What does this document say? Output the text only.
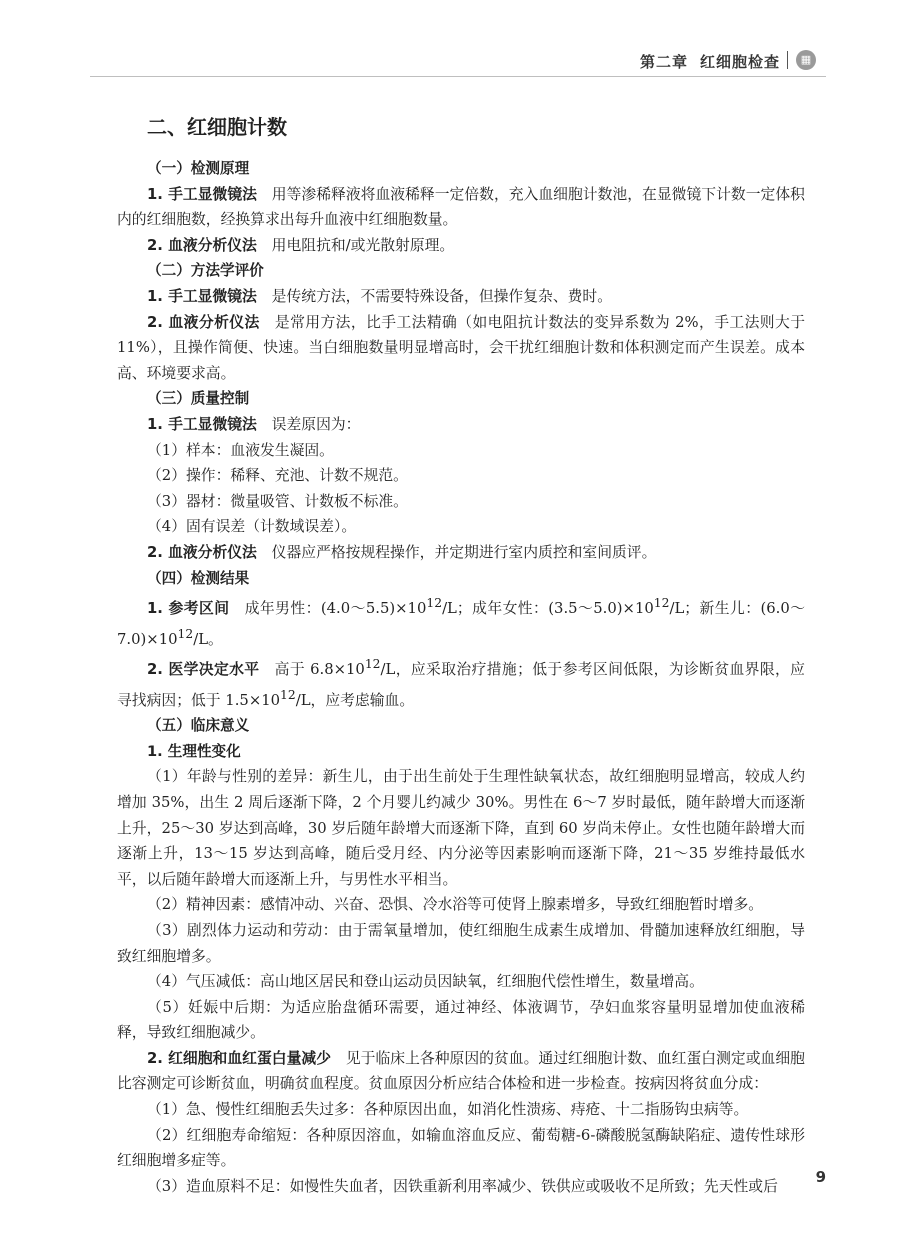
第二章 红细胞检查	▦
二、红细胞计数

（一）检测原理

1. 手工显微镜法　 用等渗稀释液将血液稀释一定倍数，充入血细胞计数池，在显微镜下计数一定体积内的红细胞数，经换算求出每升血液中红细胞数量。

2. 血液分析仪法　 用电阻抗和/或光散射原理。

（二）方法学评价

1. 手工显微镜法　 是传统方法，不需要特殊设备，但操作复杂、费时。

2. 血液分析仪法　 是常用方法，比手工法精确（如电阻抗计数法的变异系数为 2%，手工法则大于 11%），且操作简便、快速。当白细胞数量明显增高时，会干扰红细胞计数和体积测定而产生误差。成本高、环境要求高。

（三）质量控制

1. 手工显微镜法　 误差原因为：

（1）样本：血液发生凝固。

（2）操作：稀释、充池、计数不规范。

（3）器材：微量吸管、计数板不标准。

（4）固有误差（计数域误差）。

2. 血液分析仪法　 仪器应严格按规程操作，并定期进行室内质控和室间质评。

（四）检测结果

1. 参考区间　 成年男性：$(4.0\sim 5.5)\times 10^{12}/L$；成年女性：$(3.5\sim 5.0)\times 10^{12}/L$；新生儿：$(6.0\sim 7.0)\times 10^{12}/L$。

2. 医学决定水平　 高于 $6.8\times 10^{12}/L$，应采取治疗措施；低于参考区间低限，为诊断贫血界限，应寻找病因；低于 $1.5\times 10^{12}/L$，应考虑输血。

（五）临床意义

1. 生理性变化

（1）年龄与性别的差异：新生儿，由于出生前处于生理性缺氧状态，故红细胞明显增高，较成人约增加 35%，出生 2 周后逐渐下降，2 个月婴儿约减少 30%。男性在 6～7 岁时最低，随年龄增大而逐渐上升，25～30 岁达到高峰，30 岁后随年龄增大而逐渐下降，直到 60 岁尚未停止。女性也随年龄增大而逐渐上升，13～15 岁达到高峰，随后受月经、内分泌等因素影响而逐渐下降，21～35 岁维持最低水平，以后随年龄增大而逐渐上升，与男性水平相当。

（2）精神因素：感情冲动、兴奋、恐惧、冷水浴等可使肾上腺素增多，导致红细胞暂时增多。

（3）剧烈体力运动和劳动：由于需氧量增加，使红细胞生成素生成增加、骨髓加速释放红细胞，导致红细胞增多。

（4）气压减低：高山地区居民和登山运动员因缺氧，红细胞代偿性增生，数量增高。

（5）妊娠中后期：为适应胎盘循环需要，通过神经、体液调节，孕妇血浆容量明显增加使血液稀释，导致红细胞减少。

2. 红细胞和血红蛋白量减少　 见于临床上各种原因的贫血。通过红细胞计数、血红蛋白测定或血细胞比容测定可诊断贫血，明确贫血程度。贫血原因分析应结合体检和进一步检查。按病因将贫血分成：

（1）急、慢性红细胞丢失过多：各种原因出血，如消化性溃疡、痔疮、十二指肠钩虫病等。

（2）红细胞寿命缩短：各种原因溶血，如输血溶血反应、葡萄糖-6-磷酸脱氢酶缺陷症、遗传性球形红细胞增多症等。

（3）造血原料不足：如慢性失血者，因铁重新利用率减少、铁供应或吸收不足所致；先天性或后

9
